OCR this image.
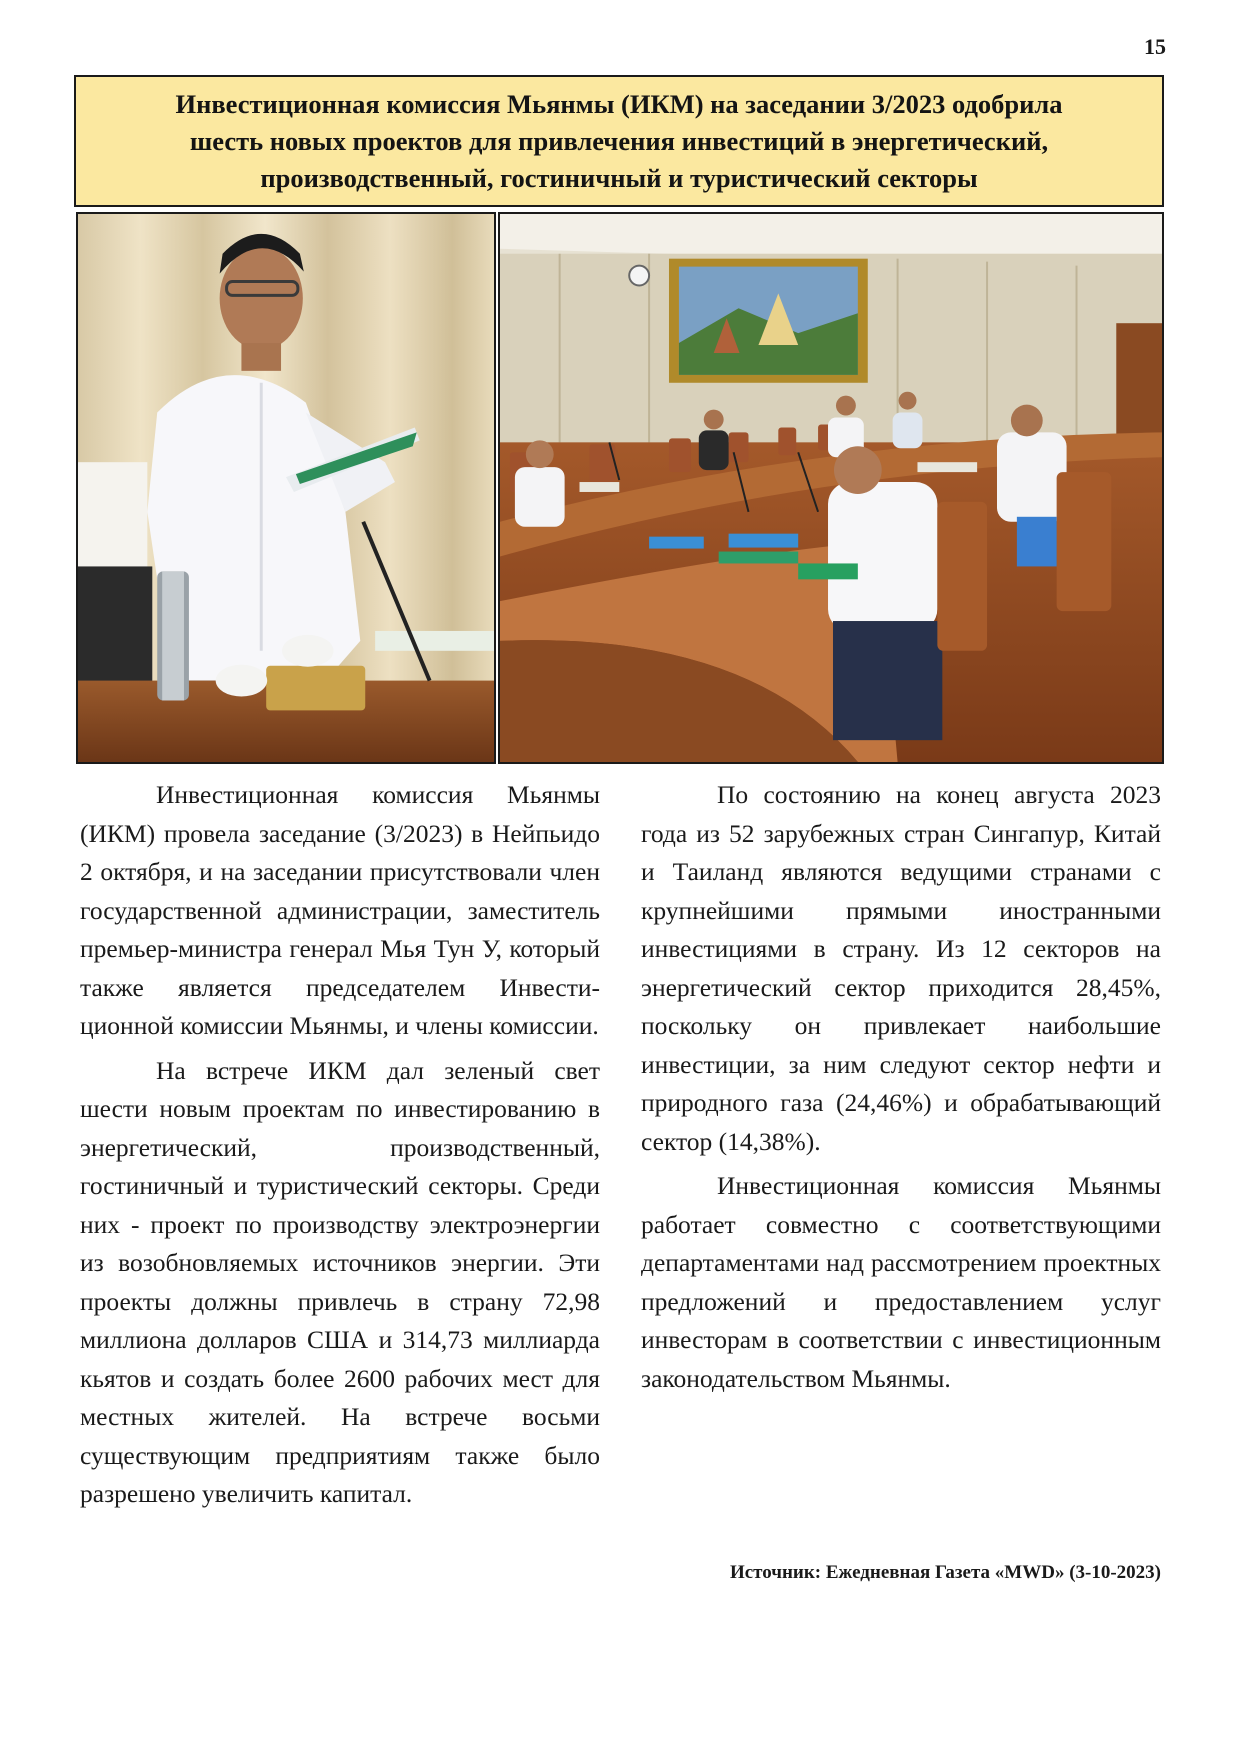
15
Инвестиционная комиссия Мьянмы (ИКМ) на заседании 3/2023 одобрила
шесть новых проектов для привлечения инвестиций в энергетический,
производственный, гостиничный и туристический секторы

Инвестиционная комиссия Мьянмы (ИКМ) провела заседание (3/2023) в Нейпьидо 2 октября, и на заседании присутствовали член государственной администрации, заместитель премьер-министра генерал Мья Тун У, который также является председателем Инвестиционной комиссии Мьянмы, и члены комиссии.

На встрече ИКМ дал зеленый свет шести новым проектам по инвестированию в энергетический, производственный, гостиничный и туристический секторы. Среди них - проект по производству электроэнергии из возобновляемых источников энергии. Эти проекты должны привлечь в страну 72,98 миллиона долларов США и 314,73 миллиарда кьятов и создать более 2600 рабочих мест для местных жителей. На встрече восьми существующим предприятиям также было разрешено увеличить капитал.

По состоянию на конец августа 2023 года из 52 зарубежных стран Сингапур, Китай и Таиланд являются ведущими странами с крупнейшими прямыми иностранными инвестициями в страну. Из 12 секторов на энергетический сектор приходится 28,45%, поскольку он привлекает наибольшие инвестиции, за ним следуют сектор нефти и природного газа (24,46%) и обрабатывающий сектор (14,38%).

Инвестиционная комиссия Мьянмы работает совместно с соответствующими департаментами над рассмотрением проектных предложений и предоставлением услуг инвесторам в соответствии с инвестиционным законодательством Мьянмы.

Источник: Ежедневная Газета «MWD» (3-10-2023)
